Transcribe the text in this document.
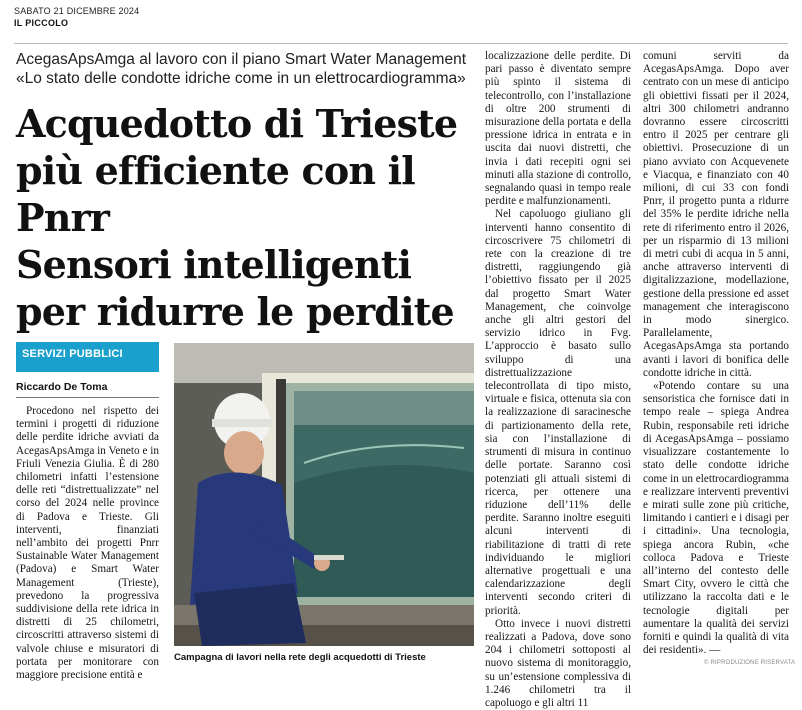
SABATO 21 DICEMBRE 2024
IL PICCOLO
AcegasApsAmga al lavoro con il piano Smart Water Management
«Lo stato delle condotte idriche come in un elettrocardiogramma»
Acquedotto di Trieste
più efficiente con il Pnrr
Sensori intelligenti
per ridurre le perdite
SERVIZI PUBBLICI
Riccardo De Toma

Procedono nel rispetto dei termini i progetti di riduzione delle perdite idriche avviati da AcegasApsAmga in Veneto e in Friuli Venezia Giulia. È di 280 chilometri infatti l’estensione delle reti “distrettualizzate” nel corso del 2024 nelle province di Padova e Trieste. Gli interventi, finanziati nell’ambito dei progetti Pnrr Sustainable Water Management (Padova) e Smart Water Management (Trieste), prevedono la progressiva suddivisione della rete idrica in distretti di 25 chilometri, circoscritti attraverso sistemi di valvole chiuse e misuratori di portata per monitorare con maggiore precisione entità e

Campagna di lavori nella rete degli acquedotti di Trieste

localizzazione delle perdite. Di pari passo è diventato sempre più spinto il sistema di telecontrollo, con l’installazione di oltre 200 strumenti di misurazione della portata e della pressione idrica in entrata e in uscita dai nuovi distretti, che invia i dati recepiti ogni sei minuti alla stazione di controllo, segnalando quasi in tempo reale perdite e malfunzionamenti.

Nel capoluogo giuliano gli interventi hanno consentito di circoscrivere 75 chilometri di rete con la creazione di tre distretti, raggiungendo già l’obiettivo fissato per il 2025 dal progetto Smart Water Management, che coinvolge anche gli altri gestori del servizio idrico in Fvg. L’approccio è basato sullo sviluppo di una distrettualizzazione telecontrollata di tipo misto, virtuale e fisica, ottenuta sia con la realizzazione di saracinesche di partizionamento della rete, sia con l’installazione di strumenti di misura in continuo delle portate. Saranno così potenziati gli attuali sistemi di ricerca, per ottenere una riduzione dell’11% delle perdite. Saranno inoltre eseguiti alcuni interventi di riabilitazione di tratti di rete individuando le migliori alternative progettuali e una calendarizzazione degli interventi secondo criteri di priorità.

Otto invece i nuovi distretti realizzati a Padova, dove sono 204 i chilometri sottoposti al nuovo sistema di monitoraggio, su un’estensione complessiva di 1.246 chilometri tra il capoluogo e gli altri 11

comuni serviti da AcegasApsAmga. Dopo aver centrato con un mese di anticipo gli obiettivi fissati per il 2024, altri 300 chilometri andranno dovranno essere circoscritti entro il 2025 per centrare gli obiettivi. Prosecuzione di un piano avviato con Acquevenete e Viacqua, e finanziato con 40 milioni, di cui 33 con fondi Pnrr, il progetto punta a ridurre del 35% le perdite idriche nella rete di riferimento entro il 2026, per un risparmio di 13 milioni di metri cubi di acqua in 5 anni, anche attraverso interventi di digitalizzazione, modellazione, gestione della pressione ed asset management che interagiscono in modo sinergico. Parallelamente, AcegasApsAmga sta portando avanti i lavori di bonifica delle condotte idriche in città.

«Potendo contare su una sensoristica che fornisce dati in tempo reale – spiega Andrea Rubin, responsabile reti idriche di AcegasApsAmga – possiamo visualizzare costantemente lo stato delle condotte idriche come in un elettrocardiogramma e realizzare interventi preventivi e mirati sulle zone più critiche, limitando i cantieri e i disagi per i cittadini». Una tecnologia, spiega ancora Rubin, «che colloca Padova e Trieste all’interno del contesto delle Smart City, ovvero le città che utilizzano la raccolta dati e le tecnologie digitali per aumentare la qualità dei servizi forniti e quindi la qualità di vita dei residenti». —

© RIPRODUZIONE RISERVATA
